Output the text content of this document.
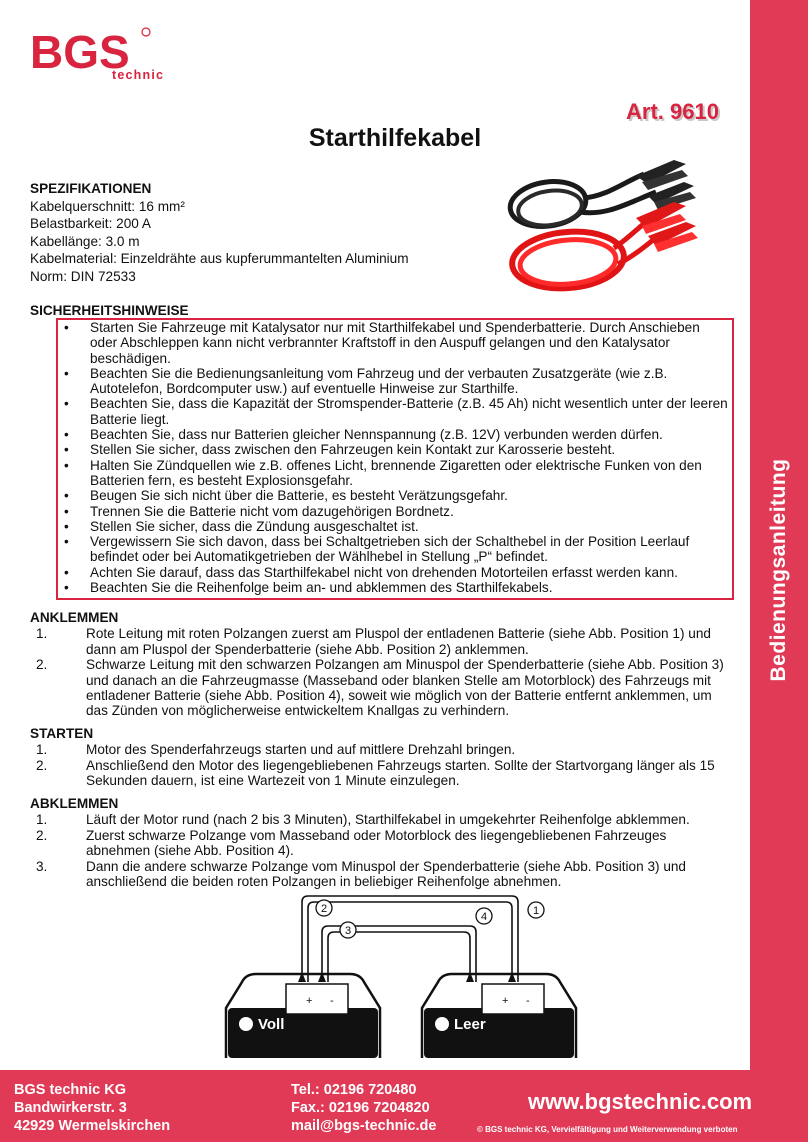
BGS
technic
Bedienungsanleitung
Art. 9610
Starthilfekabel
SPEZIFIKATIONEN
Kabelquerschnitt: 16 mm²
Belastbarkeit: 200 A
Kabellänge: 3.0 m
Kabelmaterial: Einzeldrähte aus kupferummantelten Aluminium
Norm: DIN 72533
SICHERHEITSHINWEISE
• Starten Sie Fahrzeuge mit Katalysator nur mit Starthilfekabel und Spenderbatterie. Durch Anschieben oder Abschleppen kann nicht verbrannter Kraftstoff in den Auspuff gelangen und den Katalysator beschädigen.
• Beachten Sie die Bedienungsanleitung vom Fahrzeug und der verbauten Zusatzgeräte (wie z.B. Autotelefon, Bordcomputer usw.) auf eventuelle Hinweise zur Starthilfe.
• Beachten Sie, dass die Kapazität der Stromspender-Batterie (z.B. 45 Ah) nicht wesentlich unter der leeren Batterie liegt.
• Beachten Sie, dass nur Batterien gleicher Nennspannung (z.B. 12V) verbunden werden dürfen.
• Stellen Sie sicher, dass zwischen den Fahrzeugen kein Kontakt zur Karosserie besteht.
• Halten Sie Zündquellen wie z.B. offenes Licht, brennende Zigaretten oder elektrische Funken von den Batterien fern, es besteht Explosionsgefahr.
• Beugen Sie sich nicht über die Batterie, es besteht Verätzungsgefahr.
• Trennen Sie die Batterie nicht vom dazugehörigen Bordnetz.
• Stellen Sie sicher, dass die Zündung ausgeschaltet ist.
• Vergewissern Sie sich davon, dass bei Schaltgetrieben sich der Schalthebel in der Position Leerlauf befindet oder bei Automatikgetrieben der Wählhebel in Stellung „P“ befindet.
• Achten Sie darauf, dass das Starthilfekabel nicht von drehenden Motorteilen erfasst werden kann.
• Beachten Sie die Reihenfolge beim an- und abklemmen des Starthilfekabels.
ANKLEMMEN
1.	Rote Leitung mit roten Polzangen zuerst am Pluspol der entladenen Batterie (siehe Abb. Position 1) und dann am Pluspol der Spenderbatterie (siehe Abb. Position 2) anklemmen.
2.	Schwarze Leitung mit den schwarzen Polzangen am Minuspol der Spenderbatterie (siehe Abb. Position 3) und danach an die Fahrzeugmasse (Masseband oder blanken Stelle am Motorblock) des Fahrzeugs mit entladener Batterie (siehe Abb. Position 4), soweit wie möglich von der Batterie entfernt anklemmen, um das Zünden von möglicherweise entwickeltem Knallgas zu verhindern.
STARTEN
1.	Motor des Spenderfahrzeugs starten und auf mittlere Drehzahl bringen.
2.	Anschließend den Motor des liegengebliebenen Fahrzeugs starten. Sollte der Startvorgang länger als 15 Sekunden dauern, ist eine Wartezeit von 1 Minute einzulegen.
ABKLEMMEN
1.	Läuft der Motor rund (nach 2 bis 3 Minuten), Starthilfekabel in umgekehrter Reihenfolge abklemmen.
2.	Zuerst schwarze Polzange vom Masseband oder Motorblock des liegengebliebenen Fahrzeuges abnehmen (siehe Abb. Position 4).
3.	Dann die andere schwarze Polzange vom Minuspol der Spenderbatterie (siehe Abb. Position 3) und anschließend die beiden roten Polzangen in beliebiger Reihenfolge abnehmen.
Voll	Leer
+ -	+ -
1
2
3
4
BGS technic KG
Bandwirkerstr. 3
42929 Wermelskirchen
Tel.: 02196 720480
Fax.: 02196 7204820
mail@bgs-technic.de
www.bgstechnic.com
© BGS technic KG, Vervielfältigung und Weiterverwendung verboten
